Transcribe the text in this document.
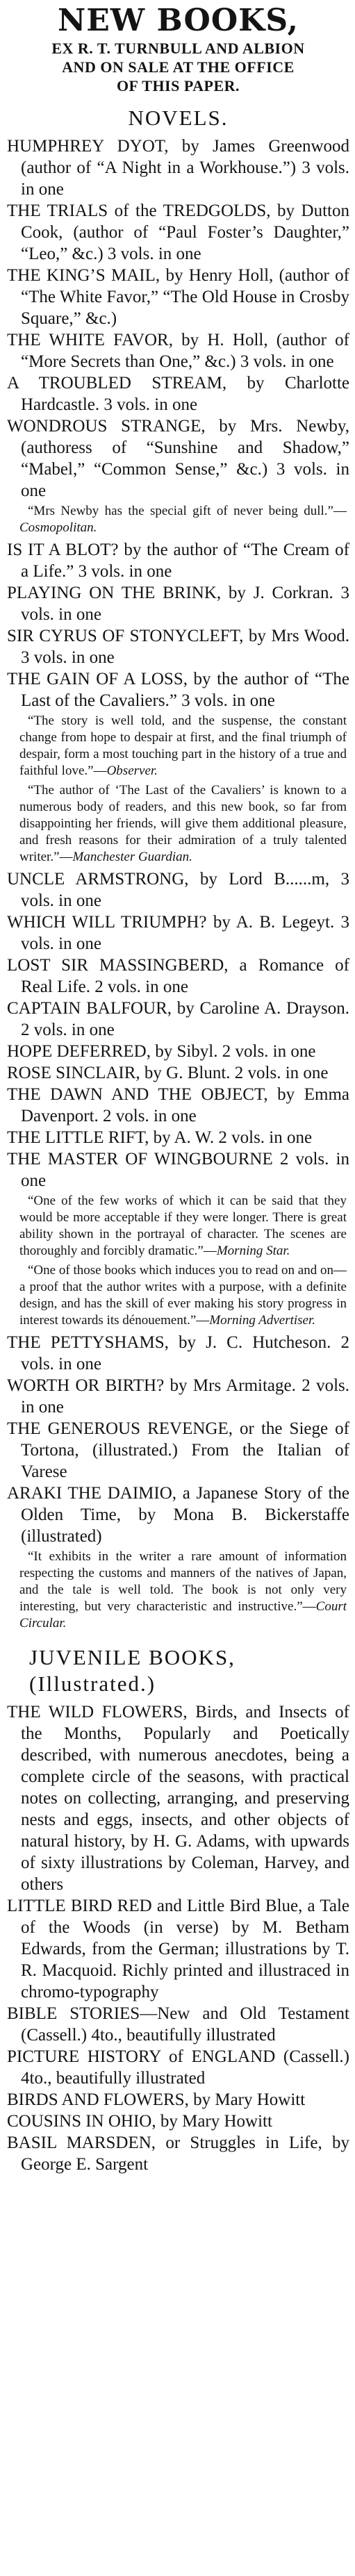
NEW BOOKS,
EX R. T. TURNBULL AND ALBION
AND ON SALE AT THE OFFICE
OF THIS PAPER.
NOVELS.

HUMPHREY DYOT, by James Greenwood (author of “A Night in a Workhouse.”) 3 vols. in one

THE TRIALS of the TREDGOLDS, by Dutton Cook, (author of “Paul Foster’s Daughter,” “Leo,” &c.) 3 vols. in one

THE KING’S MAIL, by Henry Holl, (author of “The White Favor,” “The Old House in Crosby Square,” &c.)

THE WHITE FAVOR, by H. Holl, (author of “More Secrets than One,” &c.) 3 vols. in one

A TROUBLED STREAM, by Charlotte Hardcastle. 3 vols. in one

WONDROUS STRANGE, by Mrs. Newby, (authoress of “Sunshine and Shadow,” “Mabel,” “Common Sense,” &c.) 3 vols. in one

“Mrs Newby has the special gift of never being dull.”—Cosmopolitan.

IS IT A BLOT? by the author of “The Cream of a Life.” 3 vols. in one

PLAYING ON THE BRINK, by J. Corkran. 3 vols. in one

SIR CYRUS OF STONYCLEFT, by Mrs Wood. 3 vols. in one

THE GAIN OF A LOSS, by the author of “The Last of the Cavaliers.” 3 vols. in one

“The story is well told, and the suspense, the constant change from hope to despair at first, and the final triumph of despair, form a most touching part in the history of a true and faithful love.”—Observer.

“The author of ‘The Last of the Cavaliers’ is known to a numerous body of readers, and this new book, so far from disappointing her friends, will give them additional pleasure, and fresh reasons for their admiration of a truly talented writer.”—Manchester Guardian.

UNCLE ARMSTRONG, by Lord B......m, 3 vols. in one

WHICH WILL TRIUMPH? by A. B. Legeyt. 3 vols. in one

LOST SIR MASSINGBERD, a Romance of Real Life. 2 vols. in one

CAPTAIN BALFOUR, by Caroline A. Drayson. 2 vols. in one

HOPE DEFERRED, by Sibyl. 2 vols. in one

ROSE SINCLAIR, by G. Blunt. 2 vols. in one

THE DAWN AND THE OBJECT, by Emma Davenport. 2 vols. in one

THE LITTLE RIFT, by A. W. 2 vols. in one

THE MASTER OF WINGBOURNE 2 vols. in one

“One of the few works of which it can be said that they would be more acceptable if they were longer. There is great ability shown in the portrayal of character. The scenes are thoroughly and forcibly dramatic.”—Morning Star.

“One of those books which induces you to read on and on—a proof that the author writes with a purpose, with a definite design, and has the skill of ever making his story progress in interest towards its dénouement.”—Morning Advertiser.

THE PETTYSHAMS, by J. C. Hutcheson. 2 vols. in one

WORTH OR BIRTH? by Mrs Armitage. 2 vols. in one

THE GENEROUS REVENGE, or the Siege of Tortona, (illustrated.) From the Italian of Varese

ARAKI THE DAIMIO, a Japanese Story of the Olden Time, by Mona B. Bickerstaffe (illustrated)

“It exhibits in the writer a rare amount of information respecting the customs and manners of the natives of Japan, and the tale is well told. The book is not only very interesting, but very characteristic and instructive.”—Court Circular.

JUVENILE BOOKS, (Illustrated.)

THE WILD FLOWERS, Birds, and Insects of the Months, Popularly and Poetically described, with numerous anecdotes, being a complete circle of the seasons, with practical notes on collecting, arranging, and preserving nests and eggs, insects, and other objects of natural history, by H. G. Adams, with upwards of sixty illustrations by Coleman, Harvey, and others

LITTLE BIRD RED and Little Bird Blue, a Tale of the Woods (in verse) by M. Betham Edwards, from the German; illustrations by T. R. Macquoid. Richly printed and illustraced in chromo-typography

BIBLE STORIES—New and Old Testament (Cassell.) 4to., beautifully illustrated

PICTURE HISTORY of ENGLAND (Cassell.) 4to., beautifully illustrated

BIRDS AND FLOWERS, by Mary Howitt

COUSINS IN OHIO, by Mary Howitt

BASIL MARSDEN, or Struggles in Life, by George E. Sargent
